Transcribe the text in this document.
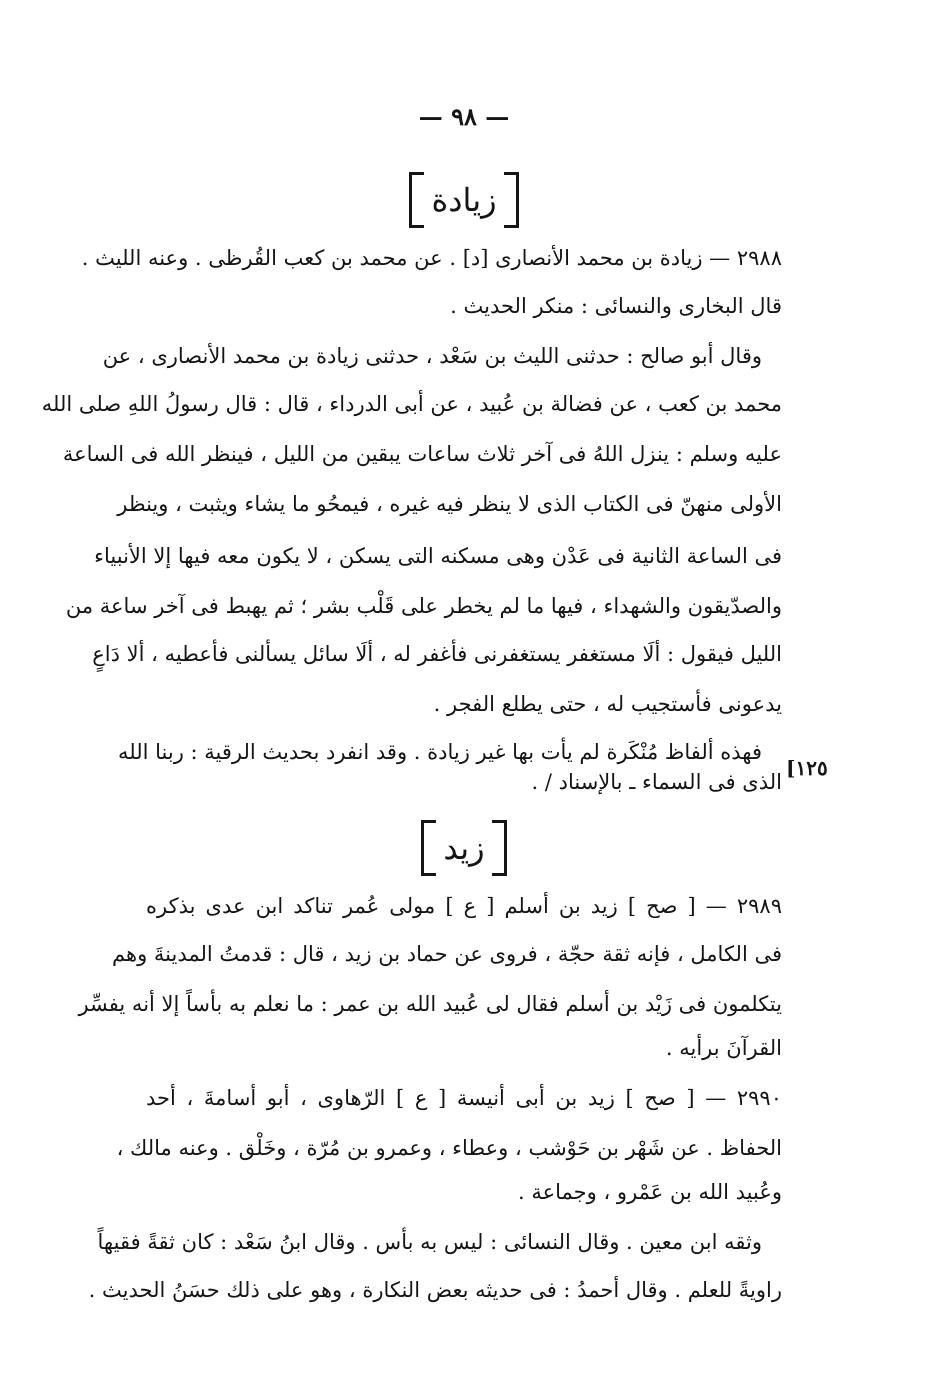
— ٩٨ —
زيادة
٢٩٨٨ — زيادة بن محمد الأنصارى [د] . عن محمد بن كعب القُرظى . وعنه الليث .
قال البخارى والنسائى : منكر الحديث .
وقال أبو صالح : حدثنى الليث بن سَعْد ، حدثنى زيادة بن محمد الأنصارى ، عن
محمد بن كعب ، عن فضالة بن عُبيد ، عن أبى الدرداء ، قال : قال رسولُ اللهِ صلى الله
عليه وسلم : ينزل اللهُ فى آخر ثلاث ساعات يبقين من الليل ، فينظر الله فى الساعة
الأولى منهنّ فى الكتاب الذى لا ينظر فيه غيره ، فيمحُو ما يشاء ويثبت ، وينظر
فى الساعة الثانية فى عَدْن وهى مسكنه التى يسكن ، لا يكون معه فيها إلا الأنبياء
والصدّيقون والشهداء ، فيها ما لم يخطر على قَلْب بشر ؛ ثم يهبط فى آخر ساعة من
الليل فيقول : ألَا مستغفر يستغفرنى فأغفر له ، ألَا سائل يسألنى فأعطيه ، ألا دَاعٍ
يدعونى فأستجيب له ، حتى يطلع الفجر .
فهذه ألفاظ مُنْكَرة لم يأت بها غير زيادة . وقد انفرد بحديث الرقية : ربنا الله
الذى فى السماء ـ بالإسناد / .
[١٢٥
زيد
٢٩٨٩ — [ صح ] زيد بن أسلم [ ع ] مولى عُمر تناكد ابن عدى بذكره
فى الكامل ، فإنه ثقة حجّة ، فروى عن حماد بن زيد ، قال : قدمتُ المدينةَ وهم
يتكلمون فى زَيْد بن أسلم فقال لى عُبيد الله بن عمر : ما نعلم به بأساً إلا أنه يفسِّر
القرآنَ برأيه .
٢٩٩٠ — [ صح ] زيد بن أبى أنيسة [ ع ] الرّهاوى ، أبو أسامةَ ، أحد
الحفاظ . عن شَهْر بن حَوْشب ، وعطاء ، وعمرو بن مُرّة ، وخَلْق . وعنه مالك ،
وعُبيد الله بن عَمْرو ، وجماعة .
وثقه ابن معين . وقال النسائى : ليس به بأس . وقال ابنُ سَعْد : كان ثقةً فقيهاً
راويةً للعلم . وقال أحمدُ : فى حديثه بعض النكارة ، وهو على ذلك حسَنُ الحديث .
